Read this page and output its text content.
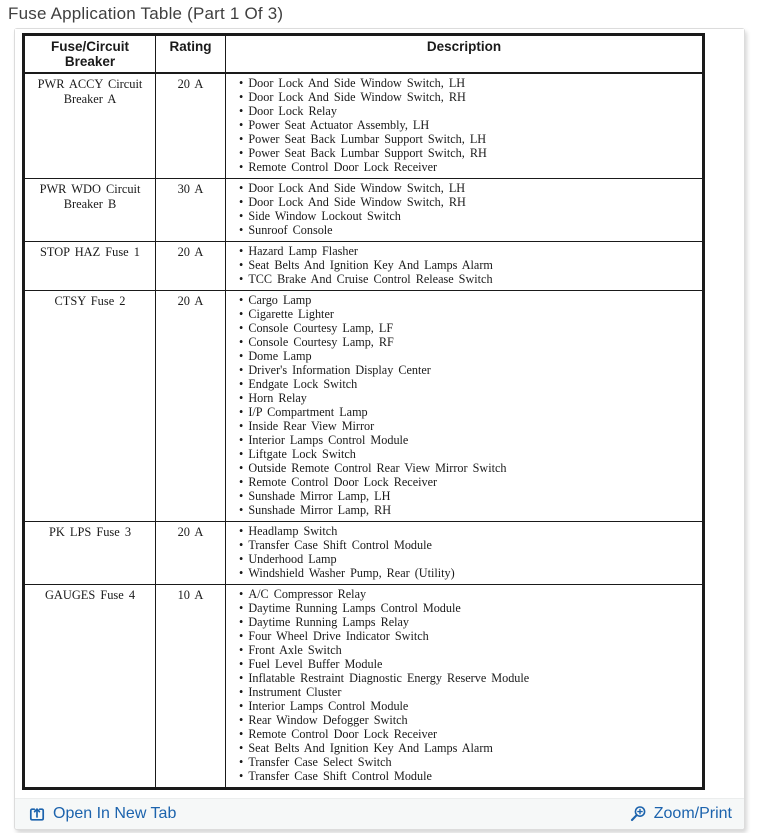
Fuse Application Table (Part 1 Of 3)
Fuse/Circuit Breaker	Rating	Description
PWR ACCY Circuit Breaker A	20 A	
•Door Lock And Side Window Switch, LH
• Door Lock And Side Window Switch, RH
• Door Lock Relay
• Power Seat Actuator Assembly, LH
• Power Seat Back Lumbar Support Switch, LH
• Power Seat Back Lumbar Support Switch, RH
• Remote Control Door Lock Receiver

PWR WDO Circuit Breaker B	30 A	
•Door Lock And Side Window Switch, LH
• Door Lock And Side Window Switch, RH
• Side Window Lockout Switch
• Sunroof Console

STOP HAZ Fuse 1	20 A	
•Hazard Lamp Flasher
• Seat Belts And Ignition Key And Lamps Alarm
• TCC Brake And Cruise Control Release Switch

CTSY Fuse 2	20 A	
•Cargo Lamp
• Cigarette Lighter
• Console Courtesy Lamp, LF
• Console Courtesy Lamp, RF
• Dome Lamp
• Driver's Information Display Center
• Endgate Lock Switch
• Horn Relay
• I/P Compartment Lamp
• Inside Rear View Mirror
• Interior Lamps Control Module
• Liftgate Lock Switch
• Outside Remote Control Rear View Mirror Switch
• Remote Control Door Lock Receiver
• Sunshade Mirror Lamp, LH
• Sunshade Mirror Lamp, RH

PK LPS Fuse 3	20 A	
•Headlamp Switch
• Transfer Case Shift Control Module
• Underhood Lamp
• Windshield Washer Pump, Rear (Utility)

GAUGES Fuse 4	10 A	
•A/C Compressor Relay
• Daytime Running Lamps Control Module
• Daytime Running Lamps Relay
• Four Wheel Drive Indicator Switch
• Front Axle Switch
• Fuel Level Buffer Module
• Inflatable Restraint Diagnostic Energy Reserve Module
• Instrument Cluster
• Interior Lamps Control Module
• Rear Window Defogger Switch
• Remote Control Door Lock Receiver
• Seat Belts And Ignition Key And Lamps Alarm
• Transfer Case Select Switch
• Transfer Case Shift Control Module
Open In New Tab	Zoom/Print
